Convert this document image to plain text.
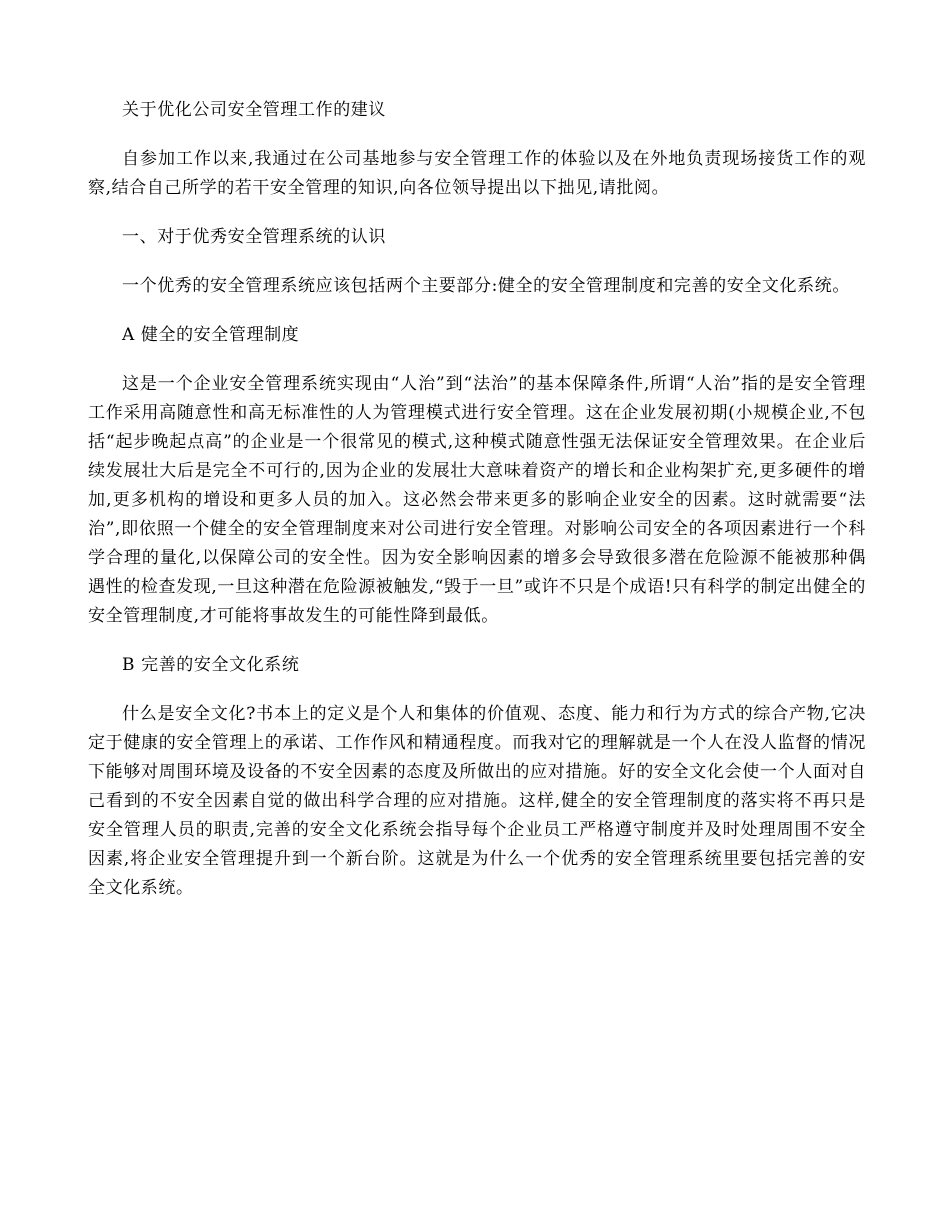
关于优化公司安全管理工作的建议

自参加工作以来,我通过在公司基地参与安全管理工作的体验以及在外地负责现场接货工作的观察,结合自己所学的若干安全管理的知识,向各位领导提出以下拙见,请批阅。

一、对于优秀安全管理系统的认识

一个优秀的安全管理系统应该包括两个主要部分:健全的安全管理制度和完善的安全文化系统。

A 健全的安全管理制度

这是一个企业安全管理系统实现由“人治”到“法治”的基本保障条件,所谓“人治”指的是安全管理工作采用高随意性和高无标准性的人为管理模式进行安全管理。这在企业发展初期(小规模企业,不包括“起步晚起点高”的企业是一个很常见的模式,这种模式随意性强无法保证安全管理效果。在企业后续发展壮大后是完全不可行的,因为企业的发展壮大意味着资产的增长和企业构架扩充,更多硬件的增加,更多机构的增设和更多人员的加入。这必然会带来更多的影响企业安全的因素。这时就需要“法治”,即依照一个健全的安全管理制度来对公司进行安全管理。对影响公司安全的各项因素进行一个科学合理的量化,以保障公司的安全性。因为安全影响因素的增多会导致很多潜在危险源不能被那种偶遇性的检查发现,一旦这种潜在危险源被触发,“毁于一旦”或许不只是个成语!只有科学的制定出健全的安全管理制度,才可能将事故发生的可能性降到最低。

B 完善的安全文化系统

什么是安全文化?书本上的定义是个人和集体的价值观、态度、能力和行为方式的综合产物,它决定于健康的安全管理上的承诺、工作作风和精通程度。而我对它的理解就是一个人在没人监督的情况下能够对周围环境及设备的不安全因素的态度及所做出的应对措施。好的安全文化会使一个人面对自己看到的不安全因素自觉的做出科学合理的应对措施。这样,健全的安全管理制度的落实将不再只是安全管理人员的职责,完善的安全文化系统会指导每个企业员工严格遵守制度并及时处理周围不安全因素,将企业安全管理提升到一个新台阶。这就是为什么一个优秀的安全管理系统里要包括完善的安全文化系统。
